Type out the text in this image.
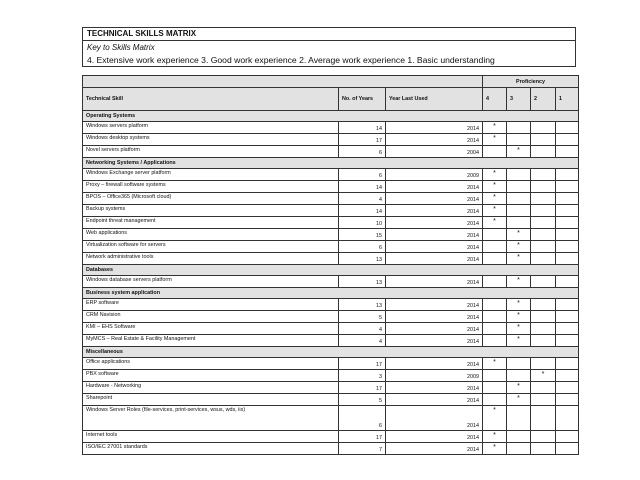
TECHNICAL SKILLS MATRIX
Key to Skills Matrix
4. Extensive work experience 3. Good work experience 2. Average work experience 1. Basic understanding
			Proficiency			
Technical Skill	No. of Years	Year Last Used	4	3	2	1
Operating Systems						
Windows servers platform	14	2014	*			
Windows desktop systems	17	2014	*			
Novel servers platform	6	2004		*		
Networking Systems / Applications						
Windows Exchange server platform	6	2009	*			
Proxy – firewall software systems	14	2014	*			
BPOS – Office365 (Microsoft cloud)	4	2014	*			
Backup systems	14	2014	*			
Endpoint threat management	10	2014	*			
Web applications	15	2014		*		
Virtualization software for servers	6	2014		*		
Network administrative tools	13	2014		*		
Databases						
Windows database servers platform	13	2014		*		
Business system application						
ERP software	13	2014		*		
CRM Navision	5	2014		*		
KMI – EHS Software	4	2014		*		
MyMCS – Real Estate & Facility Management	4	2014		*		
Miscellaneous						
Office applications	17	2014	*			
PBX software	3	2009			*	
Hardware - Networking	17	2014		*		
Sharepoint	5	2014		*		
Windows Server Roles (file-services, print-services, wsus, wds, iis)	6	2014	*			
Internet tools	17	2014	*			
ISO/IEC 27001 standards	7	2014	*			
